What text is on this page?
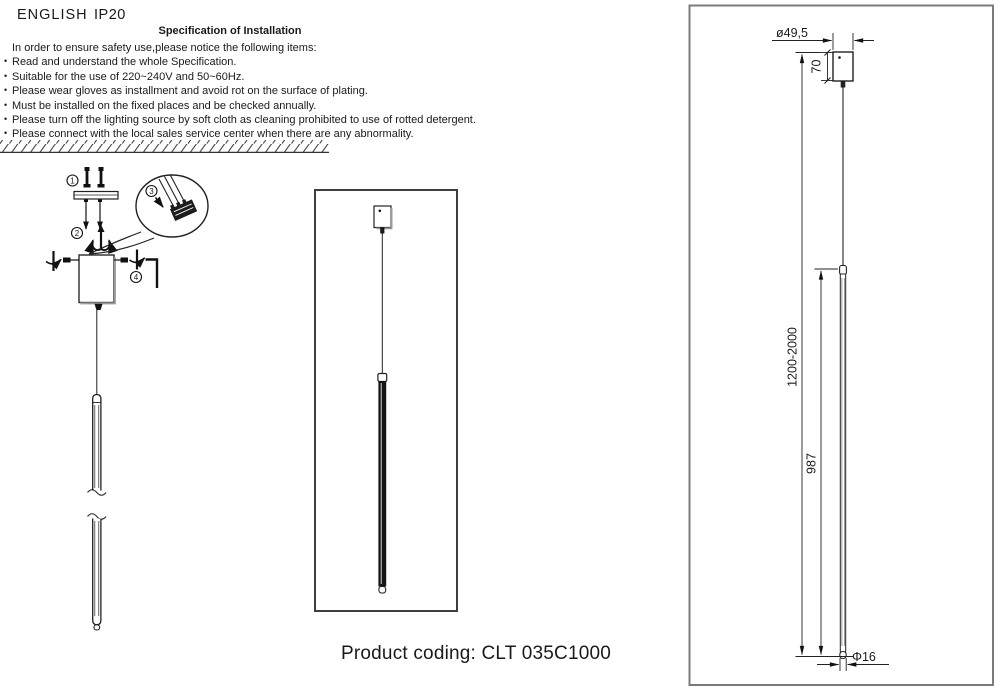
ENGLISH IP20
Specification of Installation
In order to ensure safety use,please notice the following items:
• Read and understand the whole Specification.
• Suitable for the use of 220~240V and 50~60Hz.
• Please wear gloves as installment and avoid rot on the surface of plating.
• Must be installed on the fixed places and be checked annually.
• Please turn off the lighting source by soft cloth as cleaning prohibited to use of rotted detergent.
• Please connect with the local sales service center when there are any abnormality.
1
2
3
4
Product coding: CLT 035C1000
ø49,5
70
1200-2000
987
Φ16
